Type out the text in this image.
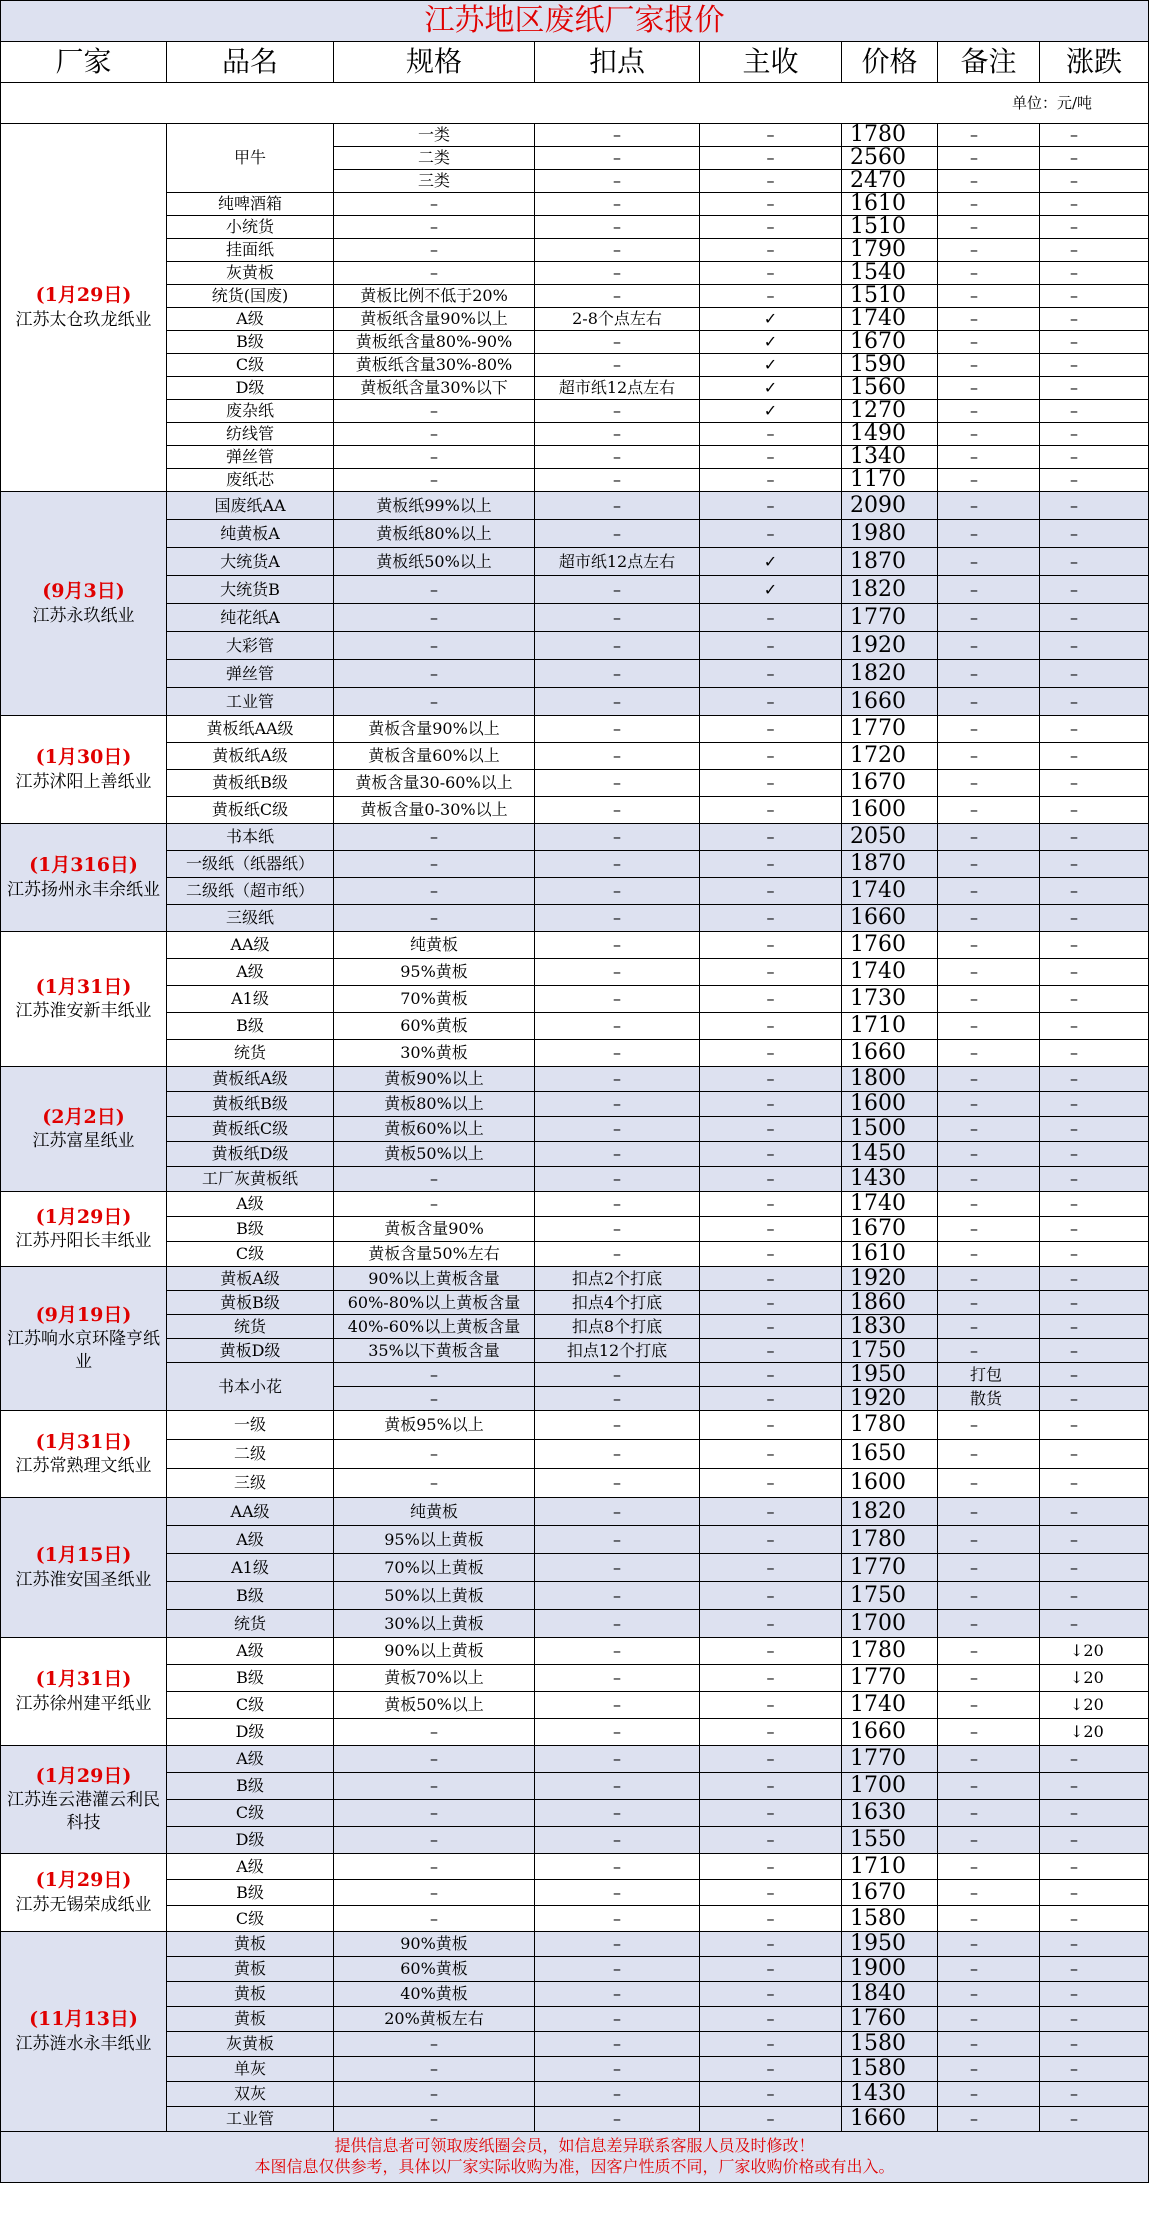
江苏地区废纸厂家报价							
厂家	品名	规格	扣点	主收	价格	备注	涨跌
单位：元/吨							

(1月29日)
江苏太仓玖龙纸业	甲牛	一类	–	–	1780	–	–
		二类	–	–	2560	–	–
		三类	–	–	2470	–	–
	纯啤酒箱	–	–	–	1610	–	–
	小统货	–	–	–	1510	–	–
	挂面纸	–	–	–	1790	–	–
	灰黄板	–	–	–	1540	–	–
	统货(国废)	黄板比例不低于20%	–	–	1510	–	–
	A级	黄板纸含量90%以上	2-8个点左右	✓	1740	–	–
	B级	黄板纸含量80%-90%	–	✓	1670	–	–
	C级	黄板纸含量30%-80%	–	✓	1590	–	–
	D级	黄板纸含量30%以下	超市纸12点左右	✓	1560	–	–
	废杂纸	–	–	✓	1270	–	–
	纺线管	–	–	–	1490	–	–
	弹丝管	–	–	–	1340	–	–
	废纸芯	–	–	–	1170	–	–

(9月3日)
江苏永玖纸业	国废纸AA	黄板纸99%以上	–	–	2090	–	–
	纯黄板A	黄板纸80%以上	–	–	1980	–	–
	大统货A	黄板纸50%以上	超市纸12点左右	✓	1870	–	–
	大统货B	–	–	✓	1820	–	–
	纯花纸A	–	–	–	1770	–	–
	大彩管	–	–	–	1920	–	–
	弹丝管	–	–	–	1820	–	–
	工业管	–	–	–	1660	–	–

(1月30日)
江苏沭阳上善纸业	黄板纸AA级	黄板含量90%以上	–	–	1770	–	–
	黄板纸A级	黄板含量60%以上	–	–	1720	–	–
	黄板纸B级	黄板含量30-60%以上	–	–	1670	–	–
	黄板纸C级	黄板含量0-30%以上	–	–	1600	–	–

(1月316日)
江苏扬州永丰余纸业	书本纸	–	–	–	2050	–	–
	一级纸（纸器纸）	–	–	–	1870	–	–
	二级纸（超市纸）	–	–	–	1740	–	–
	三级纸	–	–	–	1660	–	–

(1月31日)
江苏淮安新丰纸业	AA级	纯黄板	–	–	1760	–	–
	A级	95%黄板	–	–	1740	–	–
	A1级	70%黄板	–	–	1730	–	–
	B级	60%黄板	–	–	1710	–	–
	统货	30%黄板	–	–	1660	–	–

(2月2日)
江苏富星纸业	黄板纸A级	黄板90%以上	–	–	1800	–	–
	黄板纸B级	黄板80%以上	–	–	1600	–	–
	黄板纸C级	黄板60%以上	–	–	1500	–	–
	黄板纸D级	黄板50%以上	–	–	1450	–	–
	工厂灰黄板纸	–	–	–	1430	–	–

(1月29日)
江苏丹阳长丰纸业	A级	–	–	–	1740	–	–
	B级	黄板含量90%	–	–	1670	–	–
	C级	黄板含量50%左右	–	–	1610	–	–

(9月19日)
江苏响水京环隆亨纸业	黄板A级	90%以上黄板含量	扣点2个打底	–	1920	–	–
	黄板B级	60%-80%以上黄板含量	扣点4个打底	–	1860	–	–
	统货	40%-60%以上黄板含量	扣点8个打底	–	1830	–	–
	黄板D级	35%以下黄板含量	扣点12个打底	–	1750	–	–
	书本小花	–	–	–	1950	打包	–
		–	–	–	1920	散货	–

(1月31日)
江苏常熟理文纸业	一级	黄板95%以上	–	–	1780	–	–
	二级	–	–	–	1650	–	–
	三级	–	–	–	1600	–	–

(1月15日)
江苏淮安国圣纸业	AA级	纯黄板	–	–	1820	–	–
	A级	95%以上黄板	–	–	1780	–	–
	A1级	70%以上黄板	–	–	1770	–	–
	B级	50%以上黄板	–	–	1750	–	–
	统货	30%以上黄板	–	–	1700	–	–

(1月31日)
江苏徐州建平纸业	A级	90%以上黄板	–	–	1780	–	↓20
	B级	黄板70%以上	–	–	1770	–	↓20
	C级	黄板50%以上	–	–	1740	–	↓20
	D级	–	–	–	1660	–	↓20

(1月29日)
江苏连云港灌云利民科技	A级	–	–	–	1770	–	–
	B级	–	–	–	1700	–	–
	C级	–	–	–	1630	–	–
	D级	–	–	–	1550	–	–

(1月29日)
江苏无锡荣成纸业	A级	–	–	–	1710	–	–
	B级	–	–	–	1670	–	–
	C级	–	–	–	1580	–	–

(11月13日)
江苏涟水永丰纸业	黄板	90%黄板	–	–	1950	–	–
	黄板	60%黄板	–	–	1900	–	–
	黄板	40%黄板	–	–	1840	–	–
	黄板	20%黄板左右	–	–	1760	–	–
	灰黄板	–	–	–	1580	–	–
	单灰	–	–	–	1580	–	–
	双灰	–	–	–	1430	–	–
	工业管	–	–	–	1660	–	–

提供信息者可领取废纸圈会员，如信息差异联系客服人员及时修改！
本图信息仅供参考，具体以厂家实际收购为准，因客户性质不同，厂家收购价格或有出入。							
